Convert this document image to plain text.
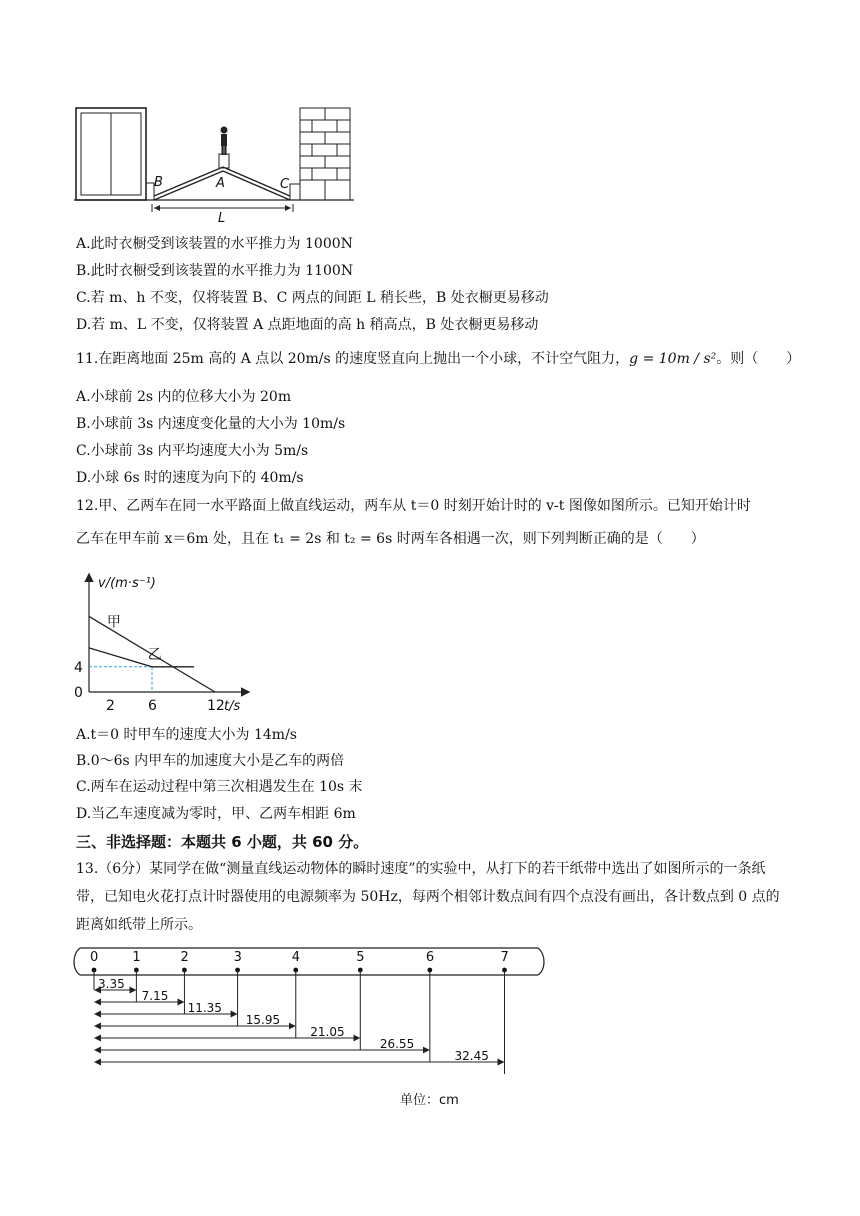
B	A	C
L
A.此时衣橱受到该装置的水平推力为 1000N
B.此时衣橱受到该装置的水平推力为 1100N
C.若 m、h 不变，仅将装置 B、C 两点的间距 L 稍长些，B 处衣橱更易移动
D.若 m、L 不变，仅将装置 A 点距地面的高 h 稍高点，B 处衣橱更易移动
11.在距离地面 25m 高的 A 点以 20m/s 的速度竖直向上抛出一个小球，不计空气阻力，g = 10m / s²。则（　　）
A.小球前 2s 内的位移大小为 20m
B.小球前 3s 内速度变化量的大小为 10m/s
C.小球前 3s 内平均速度大小为 5m/s
D.小球 6s 时的速度为向下的 40m/s
12.甲、乙两车在同一水平路面上做直线运动，两车从 t＝0 时刻开始计时的 v-t 图像如图所示。已知开始计时
乙车在甲车前 x＝6m 处，且在 t₁ = 2s 和 t₂ = 6s 时两车各相遇一次，则下列判断正确的是（　　）
v/(m·s⁻¹)
t/s
甲
乙
2 6	12
4
0
A.t＝0 时甲车的速度大小为 14m/s
B.0～6s 内甲车的加速度大小是乙车的两倍
C.两车在运动过程中第三次相遇发生在 10s 末
D.当乙车速度减为零时，甲、乙两车相距 6m
三、非选择题：本题共 6 小题，共 60 分。
13.（6分）某同学在做“测量直线运动物体的瞬时速度”的实验中，从打下的若干纸带中选出了如图所示的一条纸带，已知电火花打点计时器使用的电源频率为 50Hz，每两个相邻计数点间有四个点没有画出，各计数点到 0 点的距离如纸带上所示。
0	1	2	3	4	5	6	7
3.35
7.15
11.35
15.95
21.05
26.55
32.45
单位：cm
